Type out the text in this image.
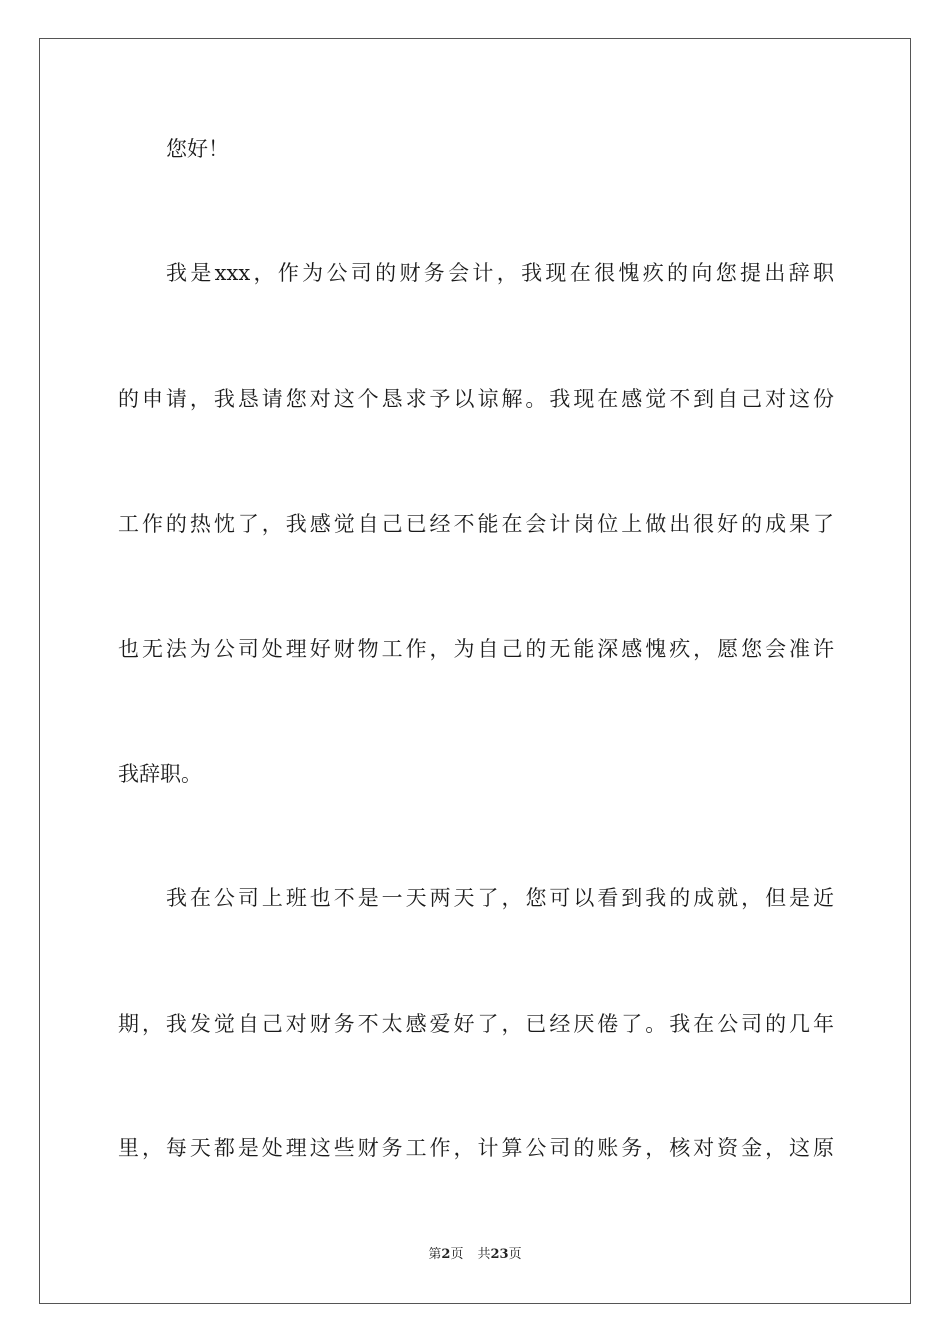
您好！
我是xxx，作为公司的财务会计，我现在很愧疚的向您提出辞职
的申请，我恳请您对这个恳求予以谅解。我现在感觉不到自己对这份
工作的热忱了，我感觉自己已经不能在会计岗位上做出很好的成果了
也无法为公司处理好财物工作，为自己的无能深感愧疚，愿您会准许
我辞职。
我在公司上班也不是一天两天了，您可以看到我的成就，但是近
期，我发觉自己对财务不太感爱好了，已经厌倦了。我在公司的几年
里，每天都是处理这些财务工作，计算公司的账务，核对资金，这原
第2页 共23页
